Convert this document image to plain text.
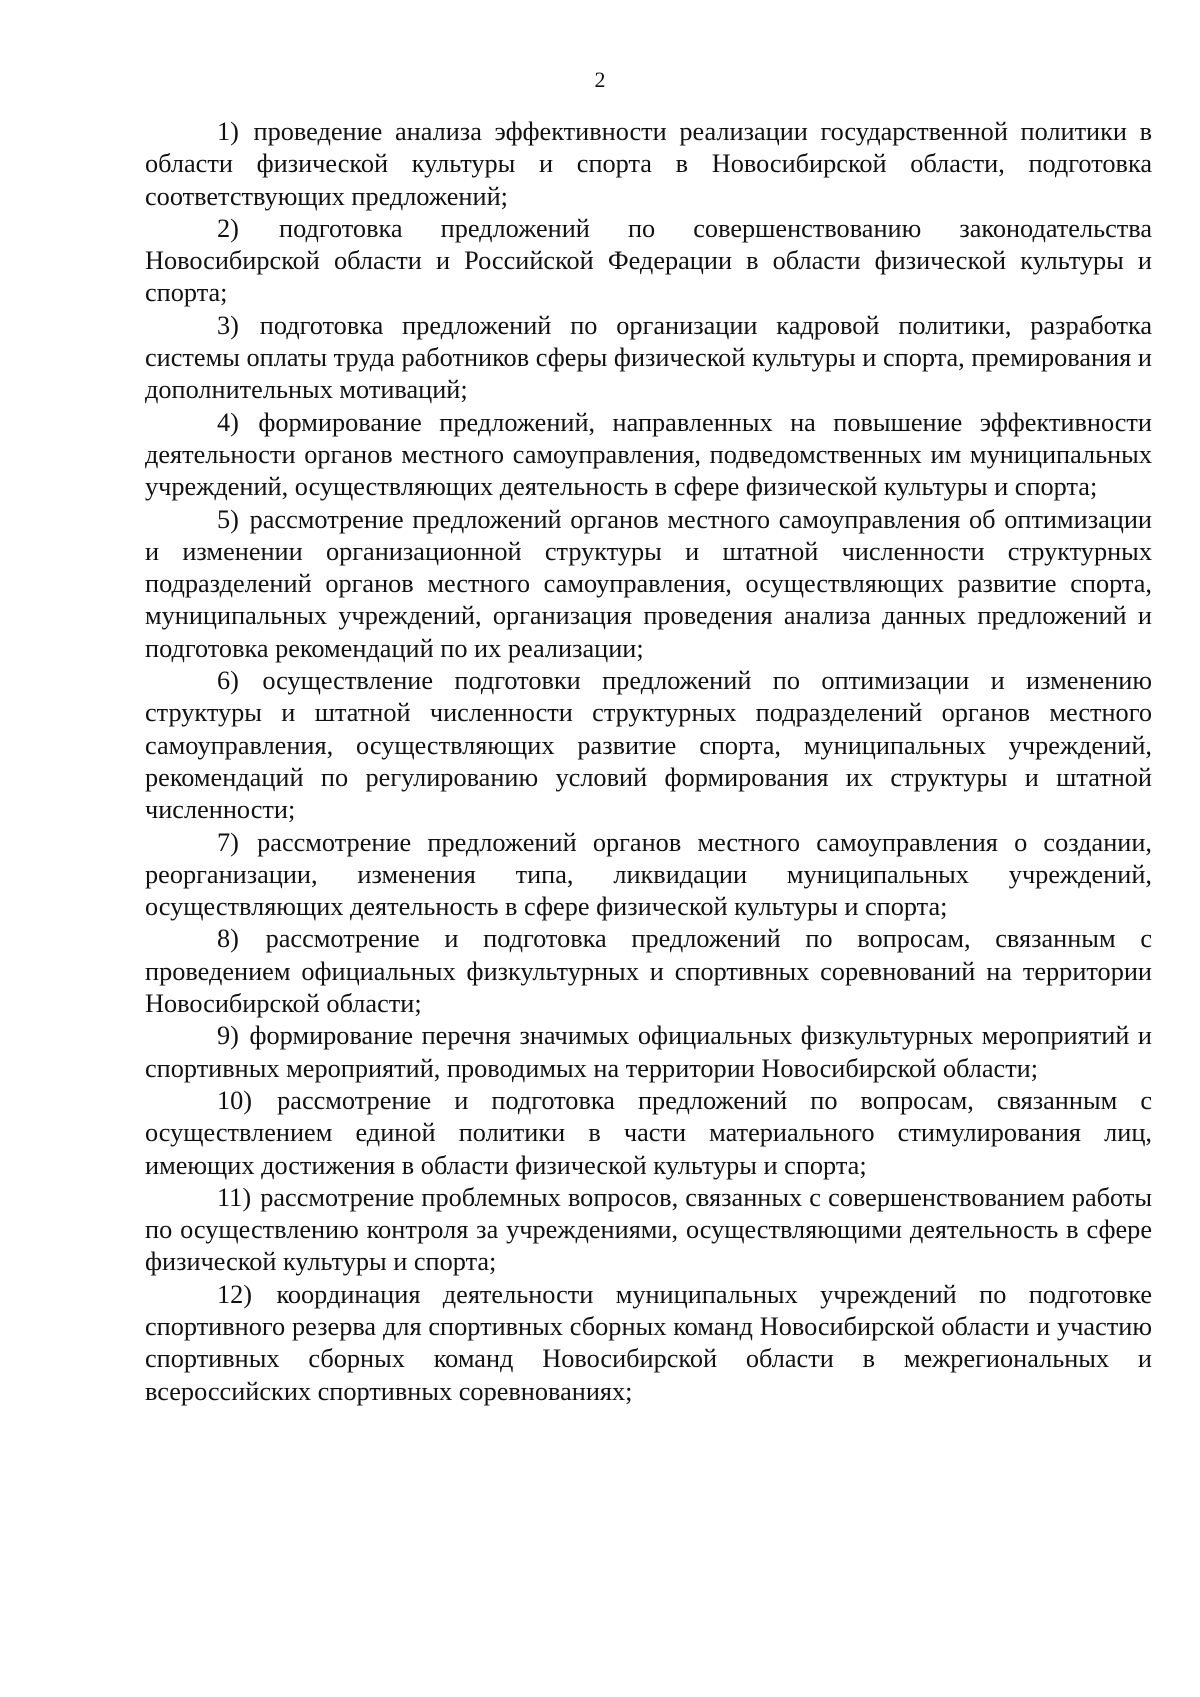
2

1) проведение анализа эффективности реализации государственной политики в области физической культуры и спорта в Новосибирской области, подготовка соответствующих предложений;

2) подготовка предложений по совершенствованию законодательства Новосибирской области и Российской Федерации в области физической культуры и спорта;

3) подготовка предложений по организации кадровой политики, разработка системы оплаты труда работников сферы физической культуры и спорта, премирования и дополнительных мотиваций;

4) формирование предложений, направленных на повышение эффективности деятельности органов местного самоуправления, подведомственных им муниципальных учреждений, осуществляющих деятельность в сфере физической культуры и спорта;

5) рассмотрение предложений органов местного самоуправления об оптимизации и изменении организационной структуры и штатной численности структурных подразделений органов местного самоуправления, осуществляющих развитие спорта, муниципальных учреждений, организация проведения анализа данных предложений и подготовка рекомендаций по их реализации;

6) осуществление подготовки предложений по оптимизации и изменению структуры и штатной численности структурных подразделений органов местного самоуправления, осуществляющих развитие спорта, муниципальных учреждений, рекомендаций по регулированию условий формирования их структуры и штатной численности;

7) рассмотрение предложений органов местного самоуправления о создании, реорганизации, изменения типа, ликвидации муниципальных учреждений, осуществляющих деятельность в сфере физической культуры и спорта;

8) рассмотрение и подготовка предложений по вопросам, связанным с проведением официальных физкультурных и спортивных соревнований на территории Новосибирской области;

9) формирование перечня значимых официальных физкультурных мероприятий и спортивных мероприятий, проводимых на территории Новосибирской области;

10) рассмотрение и подготовка предложений по вопросам, связанным с осуществлением единой политики в части материального стимулирования лиц, имеющих достижения в области физической культуры и спорта;

11) рассмотрение проблемных вопросов, связанных с совершенствованием работы по осуществлению контроля за учреждениями, осуществляющими деятельность в сфере физической культуры и спорта;

12) координация деятельности муниципальных учреждений по подготовке спортивного резерва для спортивных сборных команд Новосибирской области и участию спортивных сборных команд Новосибирской области в межрегиональных и всероссийских спортивных соревнованиях;
